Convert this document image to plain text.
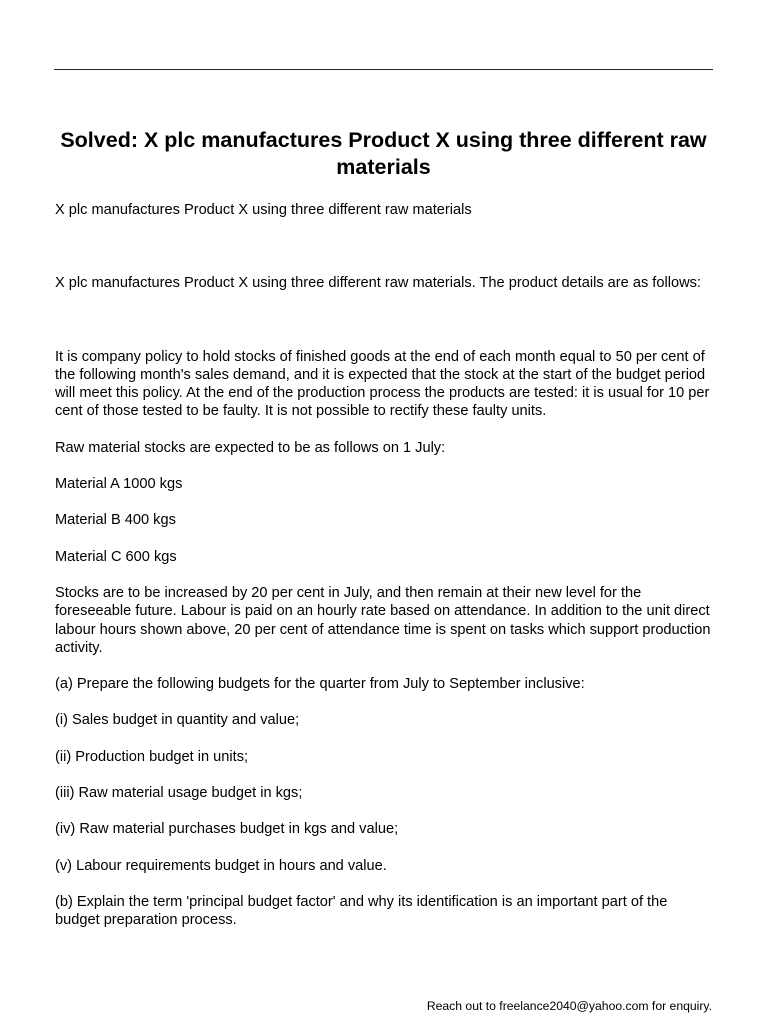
Solved: X plc manufactures Product X using three different raw materials

X plc manufactures Product X using three different raw materials

X plc manufactures Product X using three different raw materials. The product details are as follows:

It is company policy to hold stocks of finished goods at the end of each month equal to 50 per cent of the following month's sales demand, and it is expected that the stock at the start of the budget period will meet this policy. At the end of the production process the products are tested: it is usual for 10 per cent of those tested to be faulty. It is not possible to rectify these faulty units.

Raw material stocks are expected to be as follows on 1 July:

Material A 1000 kgs

Material B 400 kgs

Material C 600 kgs

Stocks are to be increased by 20 per cent in July, and then remain at their new level for the foreseeable future. Labour is paid on an hourly rate based on attendance. In addition to the unit direct labour hours shown above, 20 per cent of attendance time is spent on tasks which support production activity.

(a) Prepare the following budgets for the quarter from July to September inclusive:

(i) Sales budget in quantity and value;

(ii) Production budget in units;

(iii) Raw material usage budget in kgs;

(iv) Raw material purchases budget in kgs and value;

(v) Labour requirements budget in hours and value.

(b) Explain the term 'principal budget factor' and why its identification is an important part of the budget preparation process.

Reach out to freelance2040@yahoo.com for enquiry.
